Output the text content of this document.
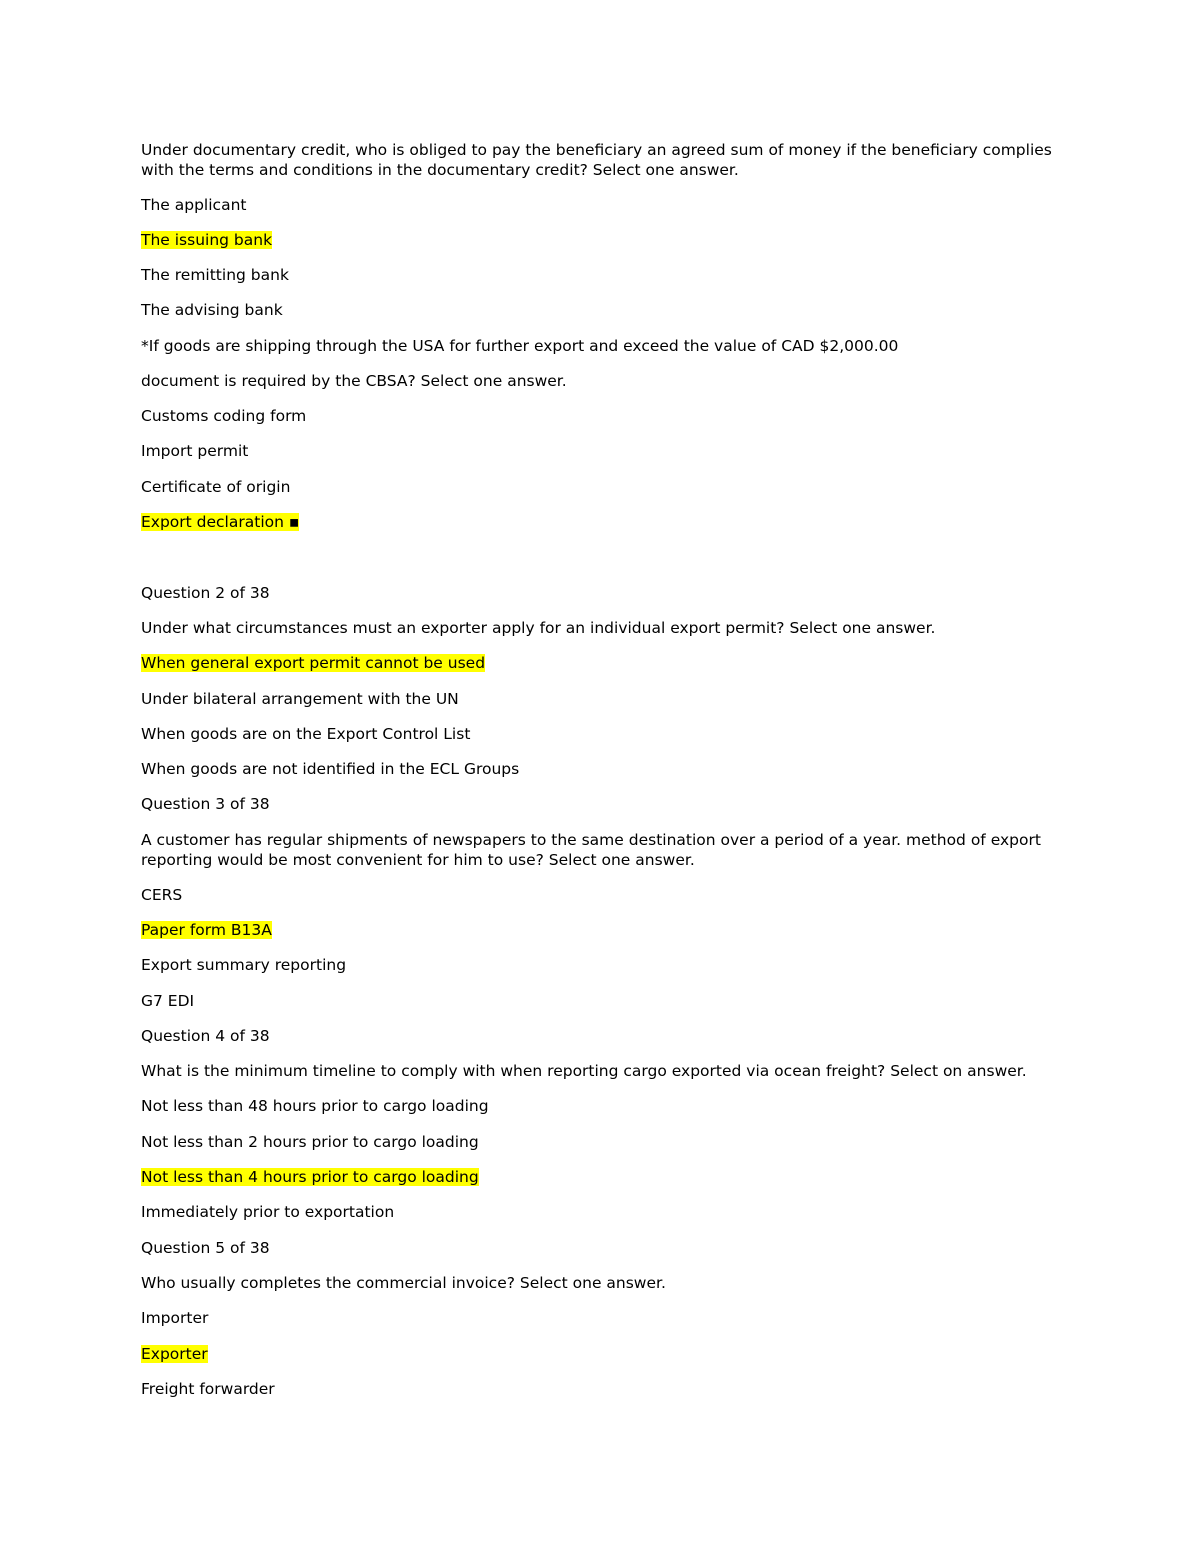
Under documentary credit, who is obliged to pay the beneficiary an agreed sum of money if the beneficiary complies with the terms and conditions in the documentary credit? Select one answer.
The applicant
The issuing bank
The remitting bank
The advising bank
*If goods are shipping through the USA for further export and exceed the value of CAD $2,000.00
document is required by the CBSA? Select one answer.
Customs coding form
Import permit
Certificate of origin
Export declaration ▪
Question 2 of 38
Under what circumstances must an exporter apply for an individual export permit? Select one answer.
When general export permit cannot be used
Under bilateral arrangement with the UN
When goods are on the Export Control List
When goods are not identified in the ECL Groups
Question 3 of 38
A customer has regular shipments of newspapers to the same destination over a period of a year. method of export reporting would be most convenient for him to use? Select one answer.
CERS
Paper form B13A
Export summary reporting
G7 EDI
Question 4 of 38
What is the minimum timeline to comply with when reporting cargo exported via ocean freight? Select on answer.
Not less than 48 hours prior to cargo loading
Not less than 2 hours prior to cargo loading
Not less than 4 hours prior to cargo loading
Immediately prior to exportation
Question 5 of 38
Who usually completes the commercial invoice? Select one answer.
Importer
Exporter
Freight forwarder
